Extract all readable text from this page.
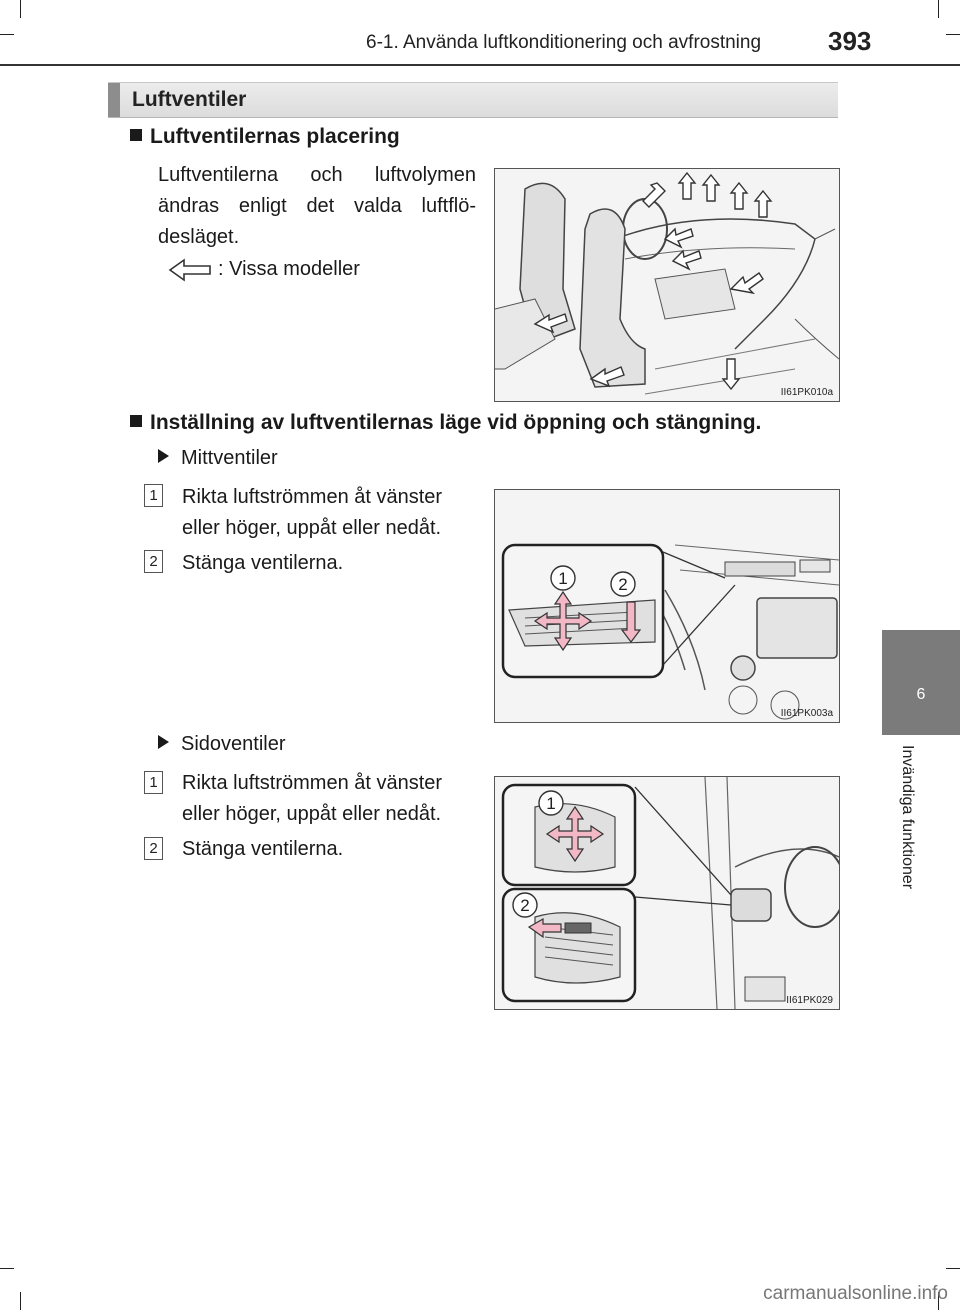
6-1. Använda luftkonditionering och avfrostning	393
6
Invändiga funktioner
Luftventiler
Luftventilernas placering
Luftventilerna och luftvolymen ändras enligt det valda luftflö-desläget.
: Vissa modeller
II61PK010a
Inställning av luftventilernas läge vid öppning och stängning.
Mittventiler
1 Rikta luftströmmen åt vänster eller höger, uppåt eller nedåt.
2 Stänga ventilerna.
1	2
II61PK003a
Sidoventiler
1 Rikta luftströmmen åt vänster eller höger, uppåt eller nedåt.
2 Stänga ventilerna.
1
2
II61PK029
carmanualsonline.info
